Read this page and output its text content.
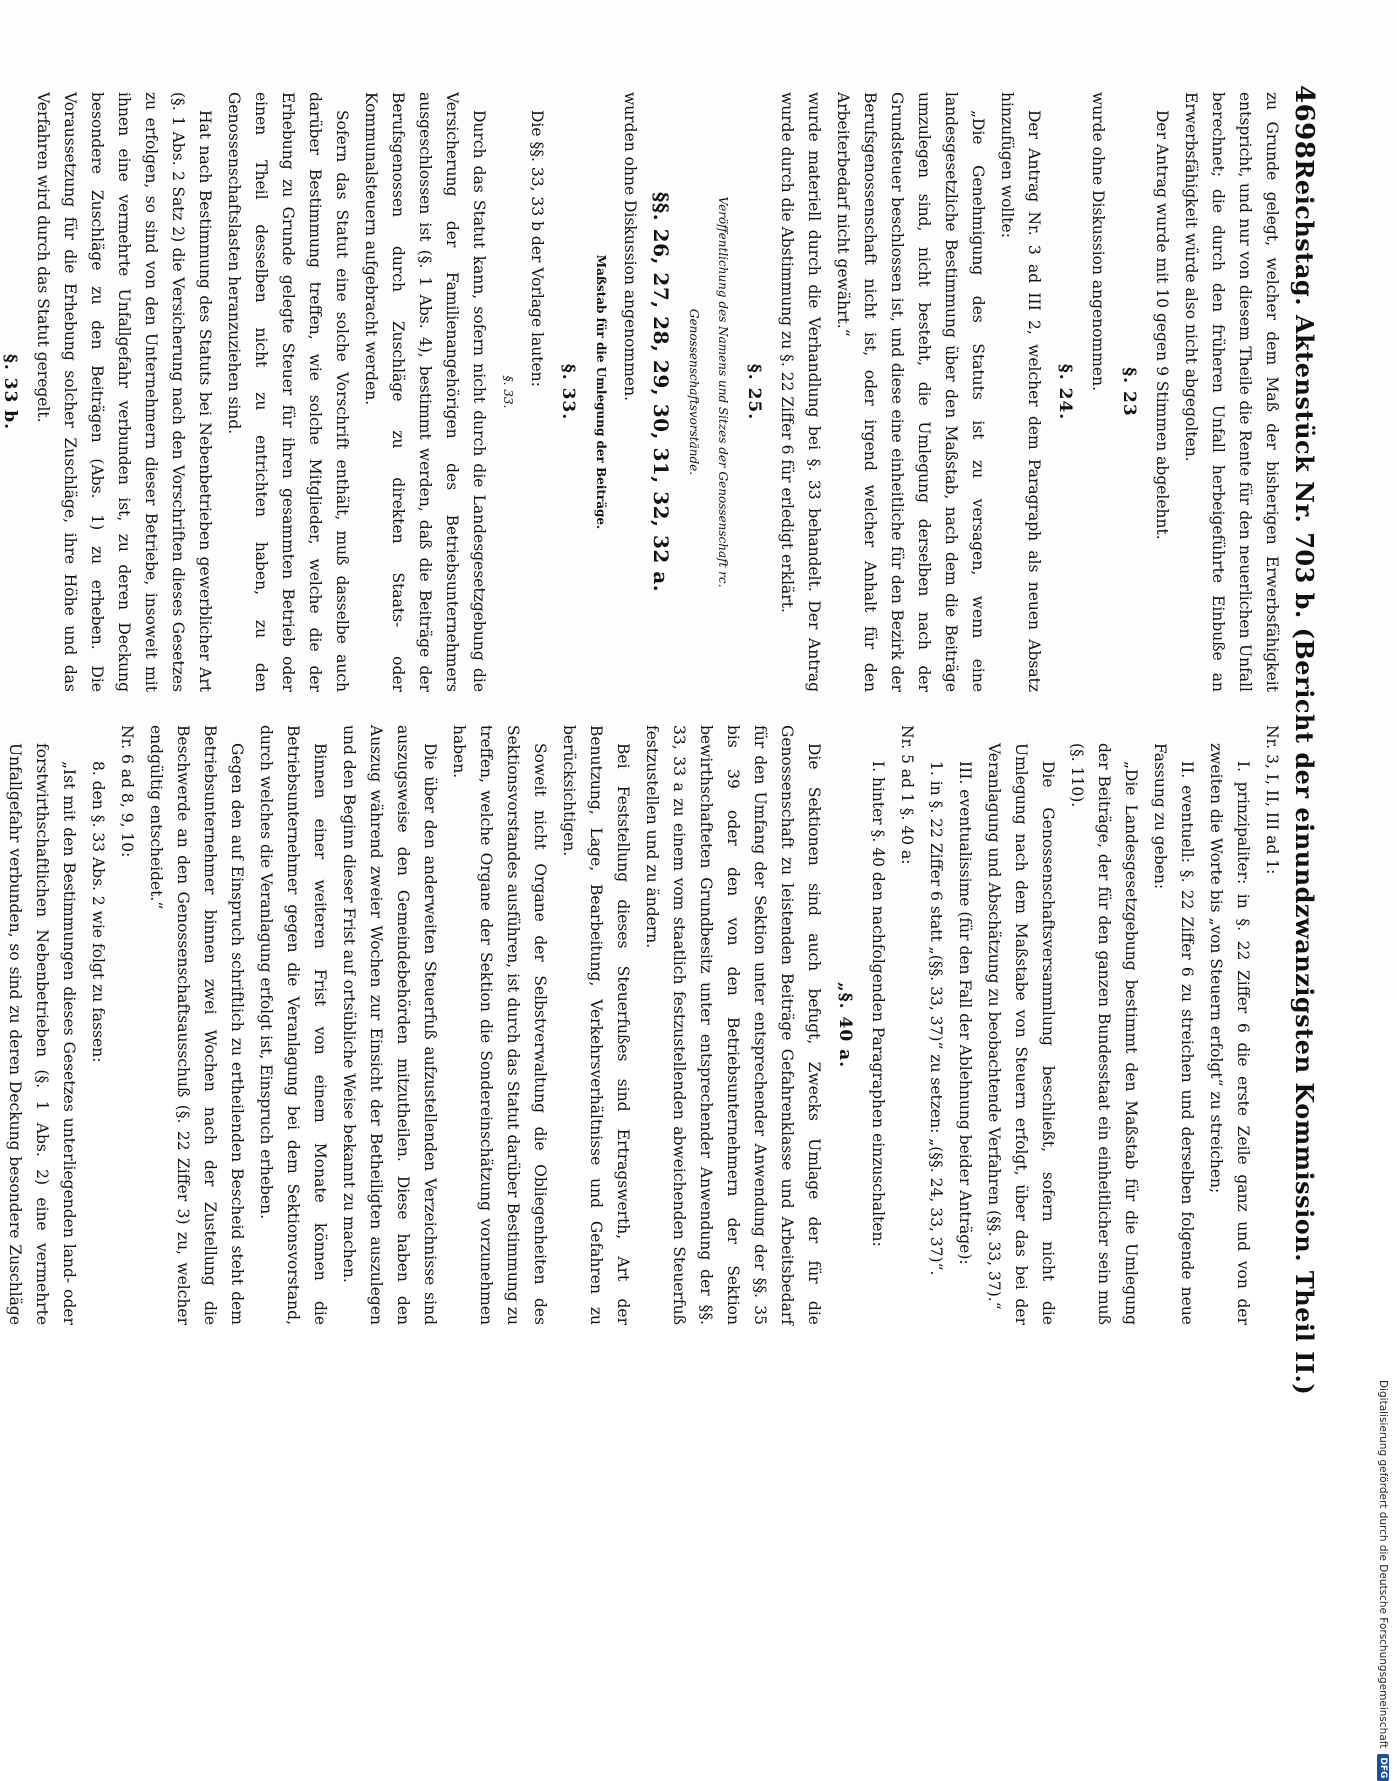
4698
Reichstag. Aktenstück Nr. 703 b. (Bericht der einundzwanzigsten Kommission. Theil II.)

zu Grunde gelegt, welcher dem Maß der bisherigen Erwerbsfähigkeit entspricht, und nur von diesem Theile die Rente für den neuerlichen Unfall berechnet; die durch den früheren Unfall herbeigeführte Einbuße an Erwerbsfähigkeit würde also nicht abgegolten.

Der Antrag wurde mit 10 gegen 9 Stimmen abgelehnt.

§. 23

wurde ohne Diskussion angenommen.

§. 24.

Der Antrag Nr. 3 ad III 2, welcher dem Paragraph als neuen Absatz hinzufügen wollte:

„Die Genehmigung des Statuts ist zu versagen, wenn eine landesgesetzliche Bestimmung über den Maßstab, nach dem die Beiträge umzulegen sind, nicht besteht, die Umlegung derselben nach der Grundsteuer beschlossen ist, und diese eine einheitliche für den Bezirk der Berufsgenossenschaft nicht ist, oder irgend welcher Anhalt für den Arbeiterbedarf nicht gewährt.“

wurde materiell durch die Verhandlung bei §. 33 behandelt. Der Antrag wurde durch die Abstimmung zu §. 22 Ziffer 6 für erledigt erklärt.

§. 25.
Veröffentlichung des Namens und Sitzes der Genossenschaft rc.
Genossenschaftsvorstände.
§§. 26, 27, 28, 29, 30, 31, 32, 32 a.

wurden ohne Diskussion angenommen.

Maßstab für die Umlegung der Beiträge.
§. 33.

Die §§. 33, 33 b der Vorlage lauten:

§. 33.

Durch das Statut kann, sofern nicht durch die Landesgesetzgebung die Versicherung der Familienangehörigen des Betriebsunternehmers ausgeschlossen ist (§. 1 Abs. 4), bestimmt werden, daß die Beiträge der Berufsgenossen durch Zuschläge zu direkten Staats- oder Kommunalsteuern aufgebracht werden.

Sofern das Statut eine solche Vorschrift enthält, muß dasselbe auch darüber Bestimmung treffen, wie solche Mitglieder, welche die der Erhebung zu Grunde gelegte Steuer für ihren gesammten Betrieb oder einen Theil desselben nicht zu entrichten haben, zu den Genossenschaftslasten heranzuziehen sind.

Hat nach Bestimmung des Statuts bei Nebenbetrieben gewerblicher Art (§. 1 Abs. 2 Satz 2) die Versicherung nach den Vorschriften dieses Gesetzes zu erfolgen, so sind von den Unternehmern dieser Betriebe, insoweit mit ihnen eine vermehrte Unfallgefahr verbunden ist, zu deren Deckung besondere Zuschläge zu den Beiträgen (Abs. 1) zu erheben. Die Voraussetzung für die Erhebung solcher Zuschläge, ihre Höhe und das Verfahren wird durch das Statut geregelt.

§. 33 b.

Nr. 3, I, II, III ad 1:

I. prinzipaliter: in §. 22 Ziffer 6 die erste Zeile ganz und von der zweiten die Worte bis „von Steuern erfolgt“ zu streichen;

II. eventuell: §. 22 Ziffer 6 zu streichen und derselben folgende neue Fassung zu geben:

„Die Landesgesetzgebung bestimmt den Maßstab für die Umlegung der Beiträge, der für den ganzen Bundesstaat ein einheitlicher sein muß (§. 110).

Die Genossenschaftsversammlung beschließt, sofern nicht die Umlegung nach dem Maßstabe von Steuern erfolgt, über das bei der Veranlagung und Abschätzung zu beobachtende Verfahren (§§. 33, 37).“

III. eventualissime (für den Fall der Ablehnung beider Anträge):

1. in §. 22 Ziffer 6 statt „(§§. 33, 37)“ zu setzen: „(§§. 24, 33, 37)“.

Nr. 5 ad 1 §. 40 a:

I. hinter §. 40 den nachfolgenden Paragraphen einzuschalten:

„§. 40 a.

Die Sektionen sind auch befugt, Zwecks Umlage der für die Genossenschaft zu leistenden Beiträge Gefahrenklasse und Arbeitsbedarf für den Umfang der Sektion unter entsprechender Anwendung der §§. 35 bis 39 oder den von den Betriebsunternehmern der Sektion bewirthschafteten Grundbesitz unter entsprechender Anwendung der §§. 33, 33 a zu einem vom staatlich festzustellenden abweichenden Steuerfuß festzustellen und zu ändern.

Bei Feststellung dieses Steuerfußes sind Ertragswerth, Art der Benutzung, Lage, Bearbeitung, Verkehrsverhältnisse und Gefahren zu berücksichtigen.

Soweit nicht Organe der Selbstverwaltung die Obliegenheiten des Sektionsvorstandes ausführen, ist durch das Statut darüber Bestimmung zu treffen, welche Organe der Sektion die Sondereinschätzung vorzunehmen haben.

Die über den anderweiten Steuerfuß aufzustellenden Verzeichnisse sind auszugsweise den Gemeindebehörden mitzutheilen. Diese haben den Auszug während zweier Wochen zur Einsicht der Betheiligten auszulegen und den Beginn dieser Frist auf ortsübliche Weise bekannt zu machen.

Binnen einer weiteren Frist von einem Monate können die Betriebsunternehmer gegen die Veranlagung bei dem Sektionsvorstand, durch welches die Veranlagung erfolgt ist, Einspruch erheben.

Gegen den auf Einspruch schriftlich zu ertheilenden Bescheid steht dem Betriebsunternehmer binnen zwei Wochen nach der Zustellung die Beschwerde an den Genossenschaftsausschuß (§. 22 Ziffer 3) zu, welcher endgültig entscheidet.“

Nr. 6 ad 8, 9, 10:

8. den §. 33 Abs. 2 wie folgt zu fassen:

„Ist mit den Bestimmungen dieses Gesetzes unterliegenden land- oder forstwirthschaftlichen Nebenbetrieben (§. 1 Abs. 2) eine vermehrte Unfallgefahr verbunden, so sind zu deren Deckung besondere Zuschläge

Digitalisierung gefördert durch die Deutsche Forschungsgemeinschaft
DFG
